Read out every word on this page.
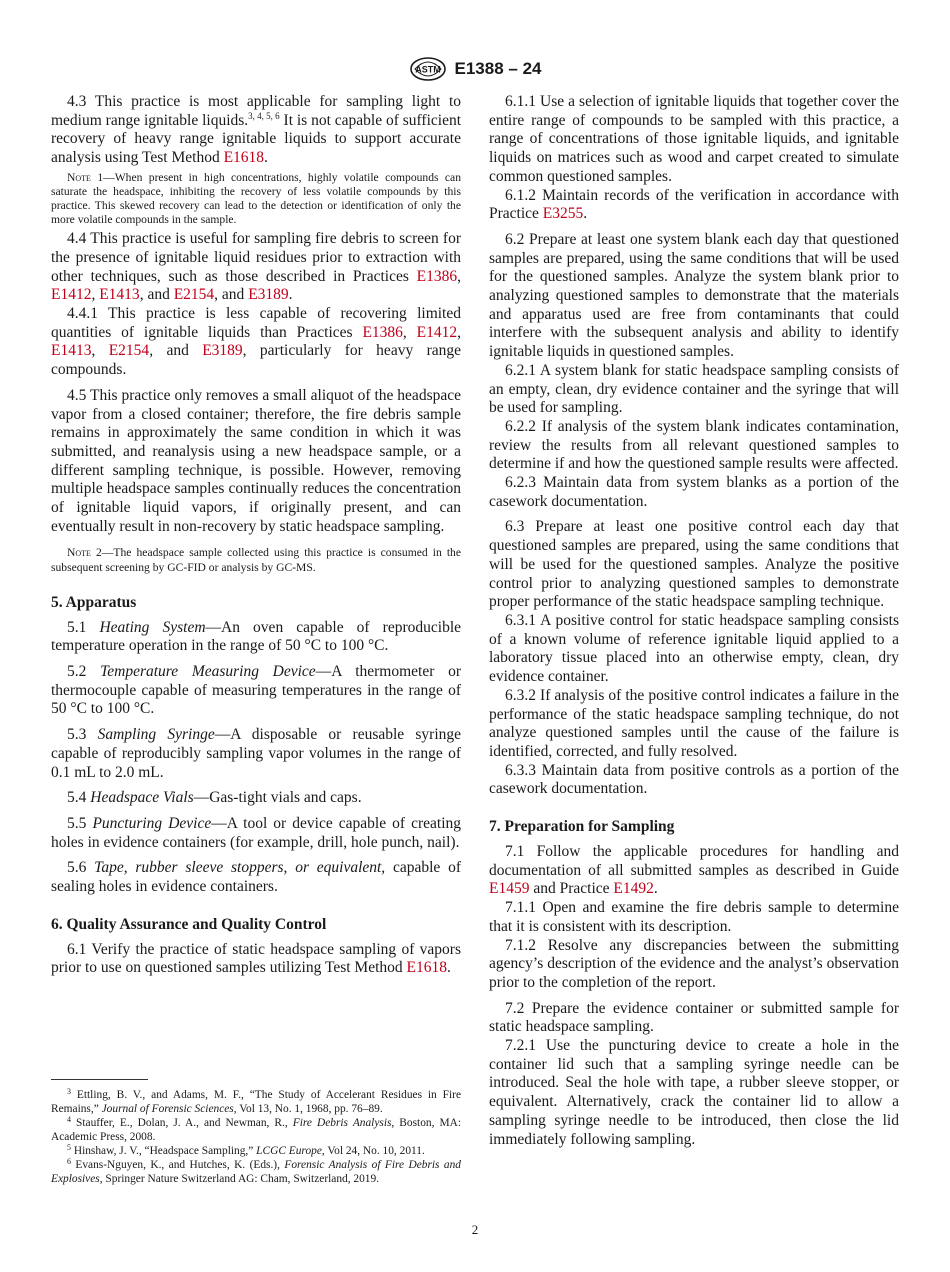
ASTM E1388 – 24

4.3 This practice is most applicable for sampling light to medium range ignitable liquids.$^{3, 4, 5, 6}$ It is not capable of sufficient recovery of heavy range ignitable liquids to support accurate analysis using Test Method E1618.

Note 1—When present in high concentrations, highly volatile compounds can saturate the headspace, inhibiting the recovery of less volatile compounds by this practice. This skewed recovery can lead to the detection or identification of only the more volatile compounds in the sample.

4.4 This practice is useful for sampling fire debris to screen for the presence of ignitable liquid residues prior to extraction with other techniques, such as those described in Practices E1386, E1412, E1413, and E2154, and E3189.

4.4.1 This practice is less capable of recovering limited quantities of ignitable liquids than Practices E1386, E1412, E1413, E2154, and E3189, particularly for heavy range compounds.

4.5 This practice only removes a small aliquot of the headspace vapor from a closed container; therefore, the fire debris sample remains in approximately the same condition in which it was submitted, and reanalysis using a new headspace sample, or a different sampling technique, is possible. However, removing multiple headspace samples continually reduces the concentration of ignitable liquid vapors, if originally present, and can eventually result in non-recovery by static headspace sampling.

Note 2—The headspace sample collected using this practice is consumed in the subsequent screening by GC-FID or analysis by GC-MS.

5. Apparatus

5.1 Heating System—An oven capable of reproducible temperature operation in the range of 50 °C to 100 °C.

5.2 Temperature Measuring Device—A thermometer or thermocouple capable of measuring temperatures in the range of 50 °C to 100 °C.

5.3 Sampling Syringe—A disposable or reusable syringe capable of reproducibly sampling vapor volumes in the range of 0.1 mL to 2.0 mL.

5.4 Headspace Vials—Gas-tight vials and caps.

5.5 Puncturing Device—A tool or device capable of creating holes in evidence containers (for example, drill, hole punch, nail).

5.6 Tape, rubber sleeve stoppers, or equivalent, capable of sealing holes in evidence containers.

6. Quality Assurance and Quality Control

6.1 Verify the practice of static headspace sampling of vapors prior to use on questioned samples utilizing Test Method E1618.

6.1.1 Use a selection of ignitable liquids that together cover the entire range of compounds to be sampled with this practice, a range of concentrations of those ignitable liquids, and ignitable liquids on matrices such as wood and carpet created to simulate common questioned samples.

6.1.2 Maintain records of the verification in accordance with Practice E3255.

6.2 Prepare at least one system blank each day that questioned samples are prepared, using the same conditions that will be used for the questioned samples. Analyze the system blank prior to analyzing questioned samples to demonstrate that the materials and apparatus used are free from contaminants that could interfere with the subsequent analysis and ability to identify ignitable liquids in questioned samples.

6.2.1 A system blank for static headspace sampling consists of an empty, clean, dry evidence container and the syringe that will be used for sampling.

6.2.2 If analysis of the system blank indicates contamination, review the results from all relevant questioned samples to determine if and how the questioned sample results were affected.

6.2.3 Maintain data from system blanks as a portion of the casework documentation.

6.3 Prepare at least one positive control each day that questioned samples are prepared, using the same conditions that will be used for the questioned samples. Analyze the positive control prior to analyzing questioned samples to demonstrate proper performance of the static headspace sampling technique.

6.3.1 A positive control for static headspace sampling consists of a known volume of reference ignitable liquid applied to a laboratory tissue placed into an otherwise empty, clean, dry evidence container.

6.3.2 If analysis of the positive control indicates a failure in the performance of the static headspace sampling technique, do not analyze questioned samples until the cause of the failure is identified, corrected, and fully resolved.

6.3.3 Maintain data from positive controls as a portion of the casework documentation.

7. Preparation for Sampling

7.1 Follow the applicable procedures for handling and documentation of all submitted samples as described in Guide E1459 and Practice E1492.

7.1.1 Open and examine the fire debris sample to determine that it is consistent with its description.

7.1.2 Resolve any discrepancies between the submitting agency’s description of the evidence and the analyst’s observation prior to the completion of the report.

7.2 Prepare the evidence container or submitted sample for static headspace sampling.

7.2.1 Use the puncturing device to create a hole in the container lid such that a sampling syringe needle can be introduced. Seal the hole with tape, a rubber sleeve stopper, or equivalent. Alternatively, crack the container lid to allow a sampling syringe needle to be introduced, then close the lid immediately following sampling.

$^3$ Ettling, B. V., and Adams, M. F., “The Study of Accelerant Residues in Fire Remains,” Journal of Forensic Sciences, Vol 13, No. 1, 1968, pp. 76–89.

$^4$ Stauffer, E., Dolan, J. A., and Newman, R., Fire Debris Analysis, Boston, MA: Academic Press, 2008.

$^5$ Hinshaw, J. V., “Headspace Sampling,” LCGC Europe, Vol 24, No. 10, 2011.

$^6$ Evans-Nguyen, K., and Hutches, K. (Eds.), Forensic Analysis of Fire Debris and Explosives, Springer Nature Switzerland AG: Cham, Switzerland, 2019.

2
